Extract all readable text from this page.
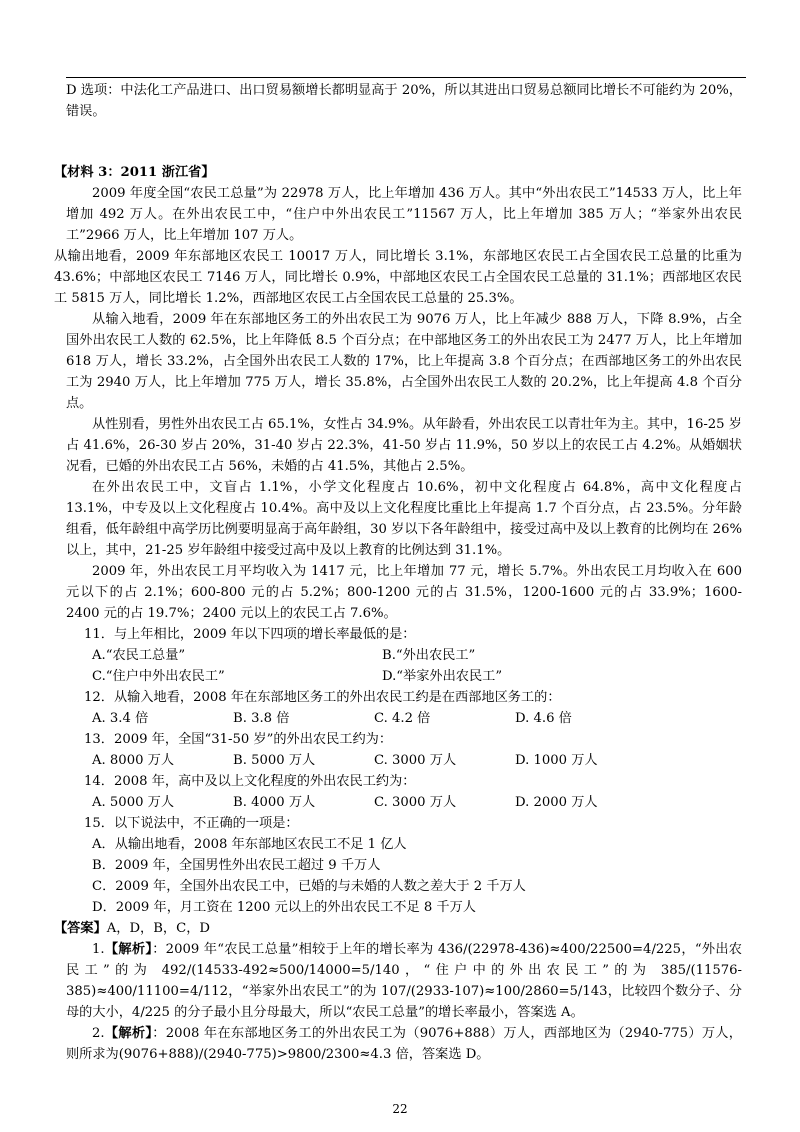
D 选项：中法化工产品进口、出口贸易额增长都明显高于 20%，所以其进出口贸易总额同比增长不可能约为 20%，错误。

【材料 3：2011 浙江省】

2009 年度全国“农民工总量”为 22978 万人，比上年增加 436 万人。其中“外出农民工”14533 万人，比上年增加 492 万人。在外出农民工中，“住户中外出农民工”11567 万人，比上年增加 385 万人；“举家外出农民工”2966 万人，比上年增加 107 万人。

从输出地看，2009 年东部地区农民工 10017 万人，同比增长 3.1%，东部地区农民工占全国农民工总量的比重为 43.6%；中部地区农民工 7146 万人，同比增长 0.9%，中部地区农民工占全国农民工总量的 31.1%；西部地区农民工 5815 万人，同比增长 1.2%，西部地区农民工占全国农民工总量的 25.3%。

从输入地看，2009 年在东部地区务工的外出农民工为 9076 万人，比上年减少 888 万人，下降 8.9%，占全国外出农民工人数的 62.5%，比上年降低 8.5 个百分点；在中部地区务工的外出农民工为 2477 万人，比上年增加 618 万人，增长 33.2%，占全国外出农民工人数的 17%，比上年提高 3.8 个百分点；在西部地区务工的外出农民工为 2940 万人，比上年增加 775 万人，增长 35.8%，占全国外出农民工人数的 20.2%，比上年提高 4.8 个百分点。

从性别看，男性外出农民工占 65.1%，女性占 34.9%。从年龄看，外出农民工以青壮年为主。其中，16-25 岁占 41.6%，26-30 岁占 20%，31-40 岁占 22.3%，41-50 岁占 11.9%，50 岁以上的农民工占 4.2%。从婚姻状况看，已婚的外出农民工占 56%，未婚的占 41.5%，其他占 2.5%。

在外出农民工中，文盲占 1.1%，小学文化程度占 10.6%，初中文化程度占 64.8%，高中文化程度占 13.1%，中专及以上文化程度占 10.4%。高中及以上文化程度比重比上年提高 1.7 个百分点，占 23.5%。分年龄组看，低年龄组中高学历比例要明显高于高年龄组，30 岁以下各年龄组中，接受过高中及以上教育的比例均在 26%以上，其中，21-25 岁年龄组中接受过高中及以上教育的比例达到 31.1%。

2009 年，外出农民工月平均收入为 1417 元，比上年增加 77 元，增长 5.7%。外出农民工月均收入在 600 元以下的占 2.1%；600-800 元的占 5.2%；800-1200 元的占 31.5%，1200-1600 元的占 33.9%；1600-2400 元的占 19.7%；2400 元以上的农民工占 7.6%。

11．与上年相比，2009 年以下四项的增长率最低的是：

A.“农民工总量”	B.“外出农民工”
C.“住户中外出农民工”	D.“举家外出农民工”

12．从输入地看，2008 年在东部地区务工的外出农民工约是在西部地区务工的：

A. 3.4 倍	B. 3.8 倍	C. 4.2 倍	D. 4.6 倍

13．2009 年，全国“31-50 岁”的外出农民工约为：

A. 8000 万人	B. 5000 万人	C. 3000 万人	D. 1000 万人

14．2008 年，高中及以上文化程度的外出农民工约为：

A. 5000 万人	B. 4000 万人	C. 3000 万人	D. 2000 万人

15．以下说法中，不正确的一项是：

A．从输出地看，2008 年东部地区农民工不足 1 亿人
B．2009 年，全国男性外出农民工超过 9 千万人
C．2009 年，全国外出农民工中，已婚的与未婚的人数之差大于 2 千万人
D．2009 年，月工资在 1200 元以上的外出农民工不足 8 千万人

【答案】A，D，B，C，D

1.【解析】：2009 年“农民工总量”相较于上年的增长率为 436/(22978-436)≈400/22500=4/225，“外出农民工”的为 492/(14533-492≈500/14000=5/140，“住户中的外出农民工”的为 385/(11576-385)≈400/11100=4/112，“举家外出农民工”的为 107/(2933-107)≈100/2860=5/143，比较四个数分子、分母的大小，4/225 的分子最小且分母最大，所以“农民工总量”的增长率最小，答案选 A。

2.【解析】：2008 年在东部地区务工的外出农民工为（9076+888）万人，西部地区为（2940-775）万人，则所求为(9076+888)/(2940-775)>9800/2300≈4.3 倍，答案选 D。

22
